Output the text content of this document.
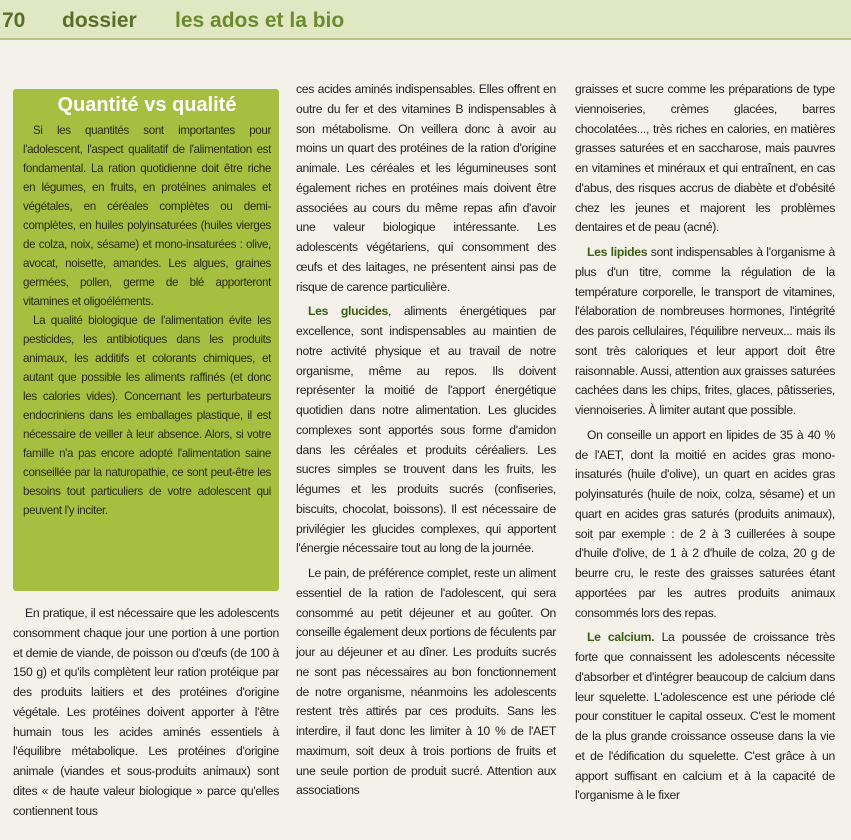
70 dossier les ados et la bio
Quantité vs qualité

Si les quantités sont importantes pour l'adolescent, l'aspect qualitatif de l'alimentation est fondamental. La ration quotidienne doit être riche en légumes, en fruits, en protéines animales et végétales, en céréales complètes ou demi-complètes, en huiles polyinsaturées (huiles vierges de colza, noix, sésame) et mono-insaturées : olive, avocat, noisette, amandes. Les algues, graines germées, pollen, germe de blé apporteront vitamines et oligoéléments.

La qualité biologique de l'alimentation évite les pesticides, les antibiotiques dans les produits animaux, les additifs et colorants chimiques, et autant que possible les aliments raffinés (et donc les calories vides). Concernant les perturbateurs endocriniens dans les emballages plastique, il est nécessaire de veiller à leur absence. Alors, si votre famille n'a pas encore adopté l'alimentation saine conseillée par la naturopathie, ce sont peut-être les besoins tout particuliers de votre adolescent qui peuvent l'y inciter.

En pratique, il est nécessaire que les adolescents consomment chaque jour une portion à une portion et demie de viande, de poisson ou d'œufs (de 100 à 150 g) et qu'ils complètent leur ration protéique par des produits laitiers et des protéines d'origine végétale. Les protéines doivent apporter à l'être humain tous les acides aminés essentiels à l'équilibre métabolique. Les protéines d'origine animale (viandes et sous-produits animaux) sont dites « de haute valeur biologique » parce qu'elles contiennent tous

ces acides aminés indispensables. Elles offrent en outre du fer et des vitamines B indispensables à son métabolisme. On veillera donc à avoir au moins un quart des protéines de la ration d'origine animale. Les céréales et les légumineuses sont également riches en protéines mais doivent être associées au cours du même repas afin d'avoir une valeur biologique intéressante. Les adolescents végétariens, qui consomment des œufs et des laitages, ne présentent ainsi pas de risque de carence particulière.

Les glucides, aliments énergétiques par excellence, sont indispensables au maintien de notre activité physique et au travail de notre organisme, même au repos. Ils doivent représenter la moitié de l'apport énergétique quotidien dans notre alimentation. Les glucides complexes sont apportés sous forme d'amidon dans les céréales et produits céréaliers. Les sucres simples se trouvent dans les fruits, les légumes et les produits sucrés (confiseries, biscuits, chocolat, boissons). Il est nécessaire de privilégier les glucides complexes, qui apportent l'énergie nécessaire tout au long de la journée.

Le pain, de préférence complet, reste un aliment essentiel de la ration de l'adolescent, qui sera consommé au petit déjeuner et au goûter. On conseille également deux portions de féculents par jour au déjeuner et au dîner. Les produits sucrés ne sont pas nécessaires au bon fonctionnement de notre organisme, néanmoins les adolescents restent très attirés par ces produits. Sans les interdire, il faut donc les limiter à 10 % de l'AET maximum, soit deux à trois portions de fruits et une seule portion de produit sucré. Attention aux associations

graisses et sucre comme les préparations de type viennoiseries, crèmes glacées, barres chocolatées..., très riches en calories, en matières grasses saturées et en saccharose, mais pauvres en vitamines et minéraux et qui entraînent, en cas d'abus, des risques accrus de diabète et d'obésité chez les jeunes et majorent les problèmes dentaires et de peau (acné).

Les lipides sont indispensables à l'organisme à plus d'un titre, comme la régulation de la température corporelle, le transport de vitamines, l'élaboration de nombreuses hormones, l'intégrité des parois cellulaires, l'équilibre nerveux... mais ils sont très caloriques et leur apport doit être raisonnable. Aussi, attention aux graisses saturées cachées dans les chips, frites, glaces, pâtisseries, viennoiseries. À limiter autant que possible.

On conseille un apport en lipides de 35 à 40 % de l'AET, dont la moitié en acides gras mono-insaturés (huile d'olive), un quart en acides gras polyinsaturés (huile de noix, colza, sésame) et un quart en acides gras saturés (produits animaux), soit par exemple : de 2 à 3 cuillerées à soupe d'huile d'olive, de 1 à 2 d'huile de colza, 20 g de beurre cru, le reste des graisses saturées étant apportées par les autres produits animaux consommés lors des repas.

Le calcium. La poussée de croissance très forte que connaissent les adolescents nécessite d'absorber et d'intégrer beaucoup de calcium dans leur squelette. L'adolescence est une période clé pour constituer le capital osseux. C'est le moment de la plus grande croissance osseuse dans la vie et de l'édification du squelette. C'est grâce à un apport suffisant en calcium et à la capacité de l'organisme à le fixer
